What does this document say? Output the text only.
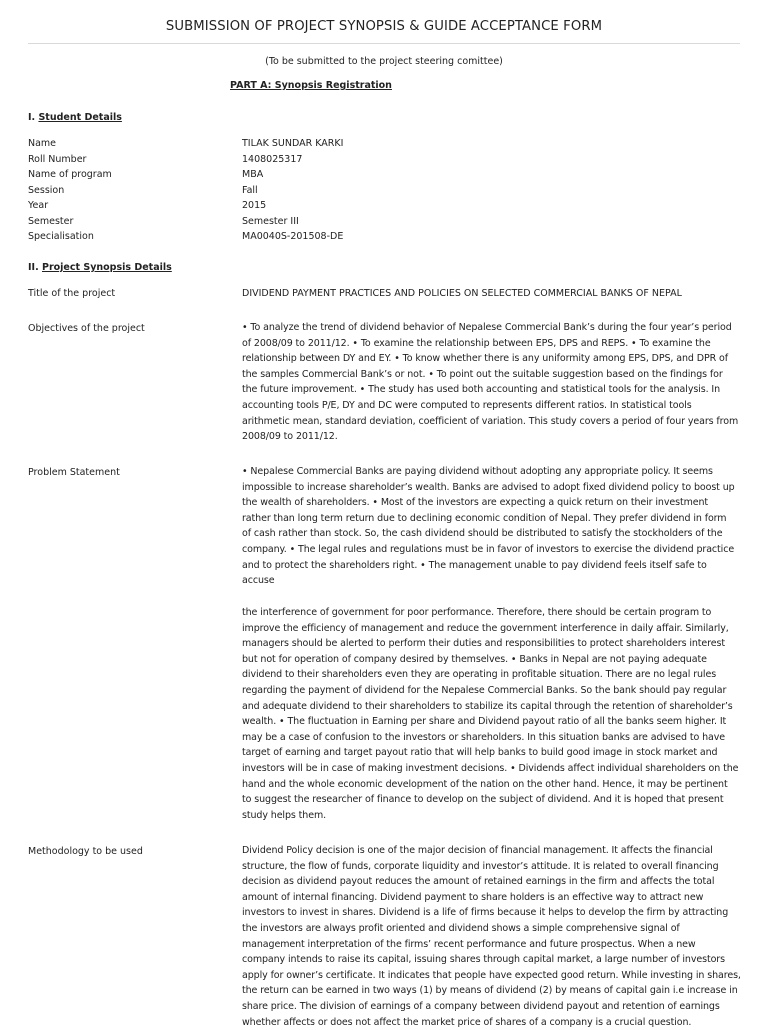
SUBMISSION OF PROJECT SYNOPSIS & GUIDE ACCEPTANCE FORM
(To be submitted to the project steering comittee)
PART A: Synopsis Registration
I. Student Details
Name	TILAK SUNDAR KARKI
Roll Number	1408025317
Name of program	MBA
Session	Fall
Year	2015
Semester	Semester III
Specialisation	MA0040S-201508-DE
II. Project Synopsis Details
Title of the project	DIVIDEND PAYMENT PRACTICES AND POLICIES ON SELECTED COMMERCIAL BANKS OF NEPAL
Objectives of the project	• To analyze the trend of dividend behavior of Nepalese Commercial Bank’s during the four year’s period
of 2008/09 to 2011/12. • To examine the relationship between EPS, DPS and REPS. • To examine the
relationship between DY and EY. • To know whether there is any uniformity among EPS, DPS, and DPR of
the samples Commercial Bank’s or not. • To point out the suitable suggestion based on the findings for
the future improvement. • The study has used both accounting and statistical tools for the analysis. In
accounting tools P/E, DY and DC were computed to represents different ratios. In statistical tools
arithmetic mean, standard deviation, coefficient of variation. This study covers a period of four years from
2008/09 to 2011/12.
Problem Statement	• Nepalese Commercial Banks are paying dividend without adopting any appropriate policy. It seems
impossible to increase shareholder’s wealth. Banks are advised to adopt fixed dividend policy to boost up
the wealth of shareholders. • Most of the investors are expecting a quick return on their investment
rather than long term return due to declining economic condition of Nepal. They prefer dividend in form
of cash rather than stock. So, the cash dividend should be distributed to satisfy the stockholders of the
company. • The legal rules and regulations must be in favor of investors to exercise the dividend practice
and to protect the shareholders right. • The management unable to pay dividend feels itself safe to accuse
the interference of government for poor performance. Therefore, there should be certain program to
improve the efficiency of management and reduce the government interference in daily affair. Similarly,
managers should be alerted to perform their duties and responsibilities to protect shareholders interest
but not for operation of company desired by themselves. • Banks in Nepal are not paying adequate
dividend to their shareholders even they are operating in profitable situation. There are no legal rules
regarding the payment of dividend for the Nepalese Commercial Banks. So the bank should pay regular
and adequate dividend to their shareholders to stabilize its capital through the retention of shareholder’s
wealth. • The fluctuation in Earning per share and Dividend payout ratio of all the banks seem higher. It
may be a case of confusion to the investors or shareholders. In this situation banks are advised to have
target of earning and target payout ratio that will help banks to build good image in stock market and
investors will be in case of making investment decisions. • Dividends affect individual shareholders on the
hand and the whole economic development of the nation on the other hand. Hence, it may be pertinent
to suggest the researcher of finance to develop on the subject of dividend. And it is hoped that present
study helps them.
Methodology to be used	Dividend Policy decision is one of the major decision of financial management. It affects the financial
structure, the flow of funds, corporate liquidity and investor’s attitude. It is related to overall financing
decision as dividend payout reduces the amount of retained earnings in the firm and affects the total
amount of internal financing. Dividend payment to share holders is an effective way to attract new
investors to invest in shares. Dividend is a life of firms because it helps to develop the firm by attracting
the investors are always profit oriented and dividend shows a simple comprehensive signal of
management interpretation of the firms’ recent performance and future prospectus. When a new
company intends to raise its capital, issuing shares through capital market, a large number of investors
apply for owner’s certificate. It indicates that people have expected good return. While investing in shares,
the return can be earned in two ways (1) by means of dividend (2) by means of capital gain i.e increase in
share price. The division of earnings of a company between dividend payout and retention of earnings
whether affects or does not affect the market price of shares of a company is a crucial question.
